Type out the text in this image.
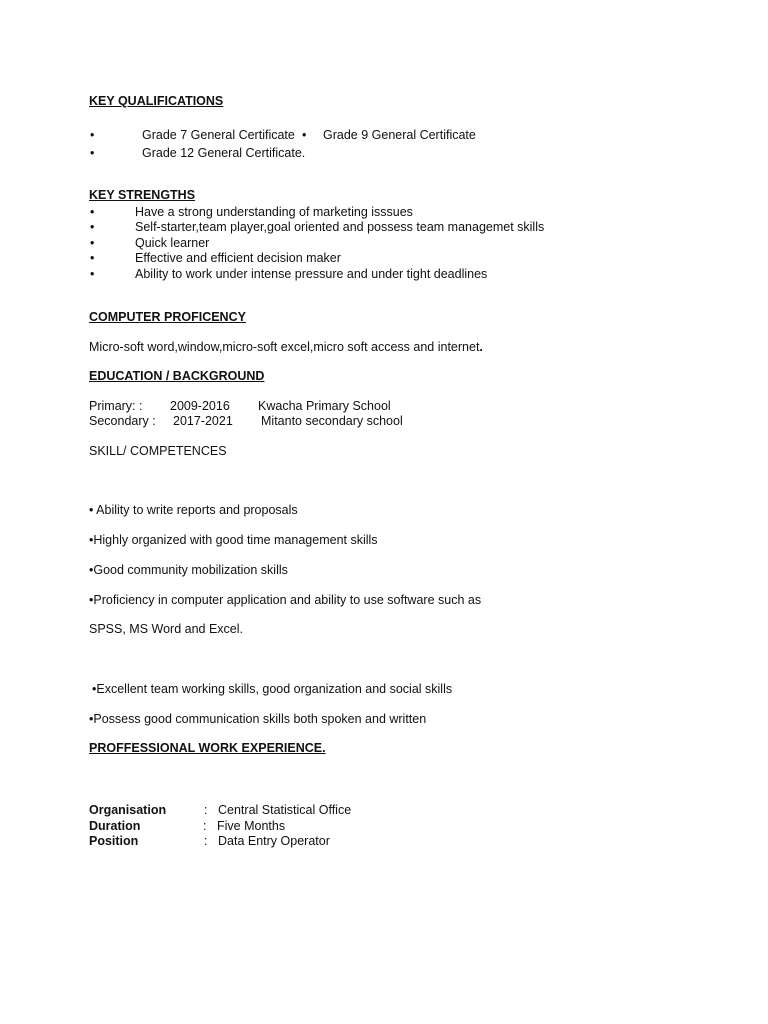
KEY QUALIFICATIONS
•	Grade 7 General Certificate • Grade 9 General Certificate
•	Grade 12 General Certificate.
KEY STRENGTHS
•	Have a strong understanding of marketing isssues
•	Self-starter,team player,goal oriented and possess team managemet skills
•	Quick learner
•	Effective and efficient decision maker
•	Ability to work under intense pressure and under tight deadlines
COMPUTER PROFICENCY
Micro-soft word,window,micro-soft excel,micro soft access and internet.
EDUCATION / BACKGROUND
Primary: : 2009-2016 Kwacha Primary School
Secondary : 2017-2021 Mitanto secondary school
SKILL/ COMPETENCES
• Ability to write reports and proposals
•Highly organized with good time management skills
•Good community mobilization skills
•Proficiency in computer application and ability to use software such as
SPSS, MS Word and Excel.
•Excellent team working skills, good organization and social skills
•Possess good communication skills both spoken and written
PROFFESSIONAL WORK EXPERIENCE.
Organisation	: Central Statistical Office
Duration	: Five Months
Position	: Data Entry Operator
